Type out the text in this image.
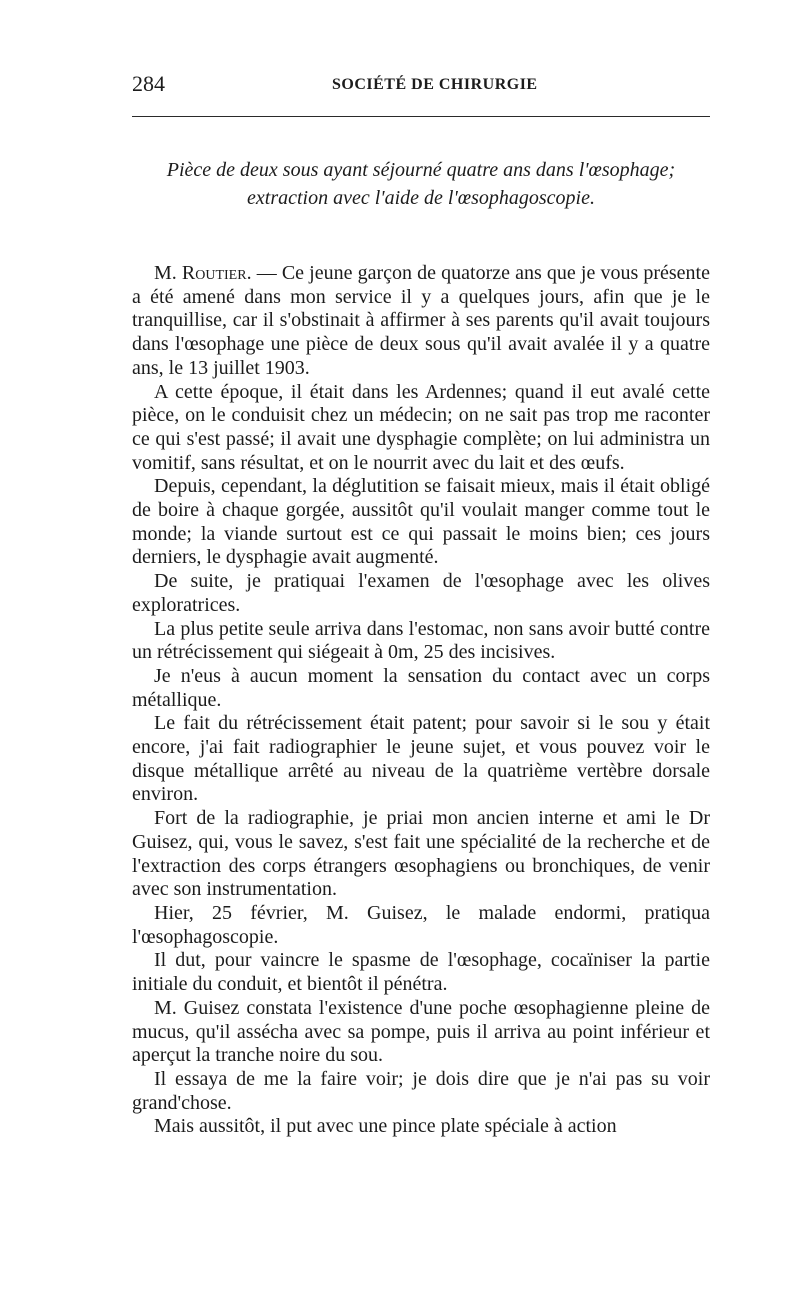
284	SOCIÉTÉ DE CHIRURGIE
Pièce de deux sous ayant séjourné quatre ans dans l'œsophage;
extraction avec l'aide de l'œsophagoscopie.

M. Routier. — Ce jeune garçon de quatorze ans que je vous présente a été amené dans mon service il y a quelques jours, afin que je le tranquillise, car il s'obstinait à affirmer à ses parents qu'il avait toujours dans l'œsophage une pièce de deux sous qu'il avait avalée il y a quatre ans, le 13 juillet 1903.

A cette époque, il était dans les Ardennes; quand il eut avalé cette pièce, on le conduisit chez un médecin; on ne sait pas trop me raconter ce qui s'est passé; il avait une dysphagie complète; on lui administra un vomitif, sans résultat, et on le nourrit avec du lait et des œufs.

Depuis, cependant, la déglutition se faisait mieux, mais il était obligé de boire à chaque gorgée, aussitôt qu'il voulait manger comme tout le monde; la viande surtout est ce qui passait le moins bien; ces jours derniers, le dysphagie avait augmenté.

De suite, je pratiquai l'examen de l'œsophage avec les olives exploratrices.

La plus petite seule arriva dans l'estomac, non sans avoir butté contre un rétrécissement qui siégeait à 0m, 25 des incisives.

Je n'eus à aucun moment la sensation du contact avec un corps métallique.

Le fait du rétrécissement était patent; pour savoir si le sou y était encore, j'ai fait radiographier le jeune sujet, et vous pouvez voir le disque métallique arrêté au niveau de la quatrième vertèbre dorsale environ.

Fort de la radiographie, je priai mon ancien interne et ami le Dr Guisez, qui, vous le savez, s'est fait une spécialité de la recherche et de l'extraction des corps étrangers œsophagiens ou bronchiques, de venir avec son instrumentation.

Hier, 25 février, M. Guisez, le malade endormi, pratiqua l'œsophagoscopie.

Il dut, pour vaincre le spasme de l'œsophage, cocaïniser la partie initiale du conduit, et bientôt il pénétra.

M. Guisez constata l'existence d'une poche œsophagienne pleine de mucus, qu'il assécha avec sa pompe, puis il arriva au point inférieur et aperçut la tranche noire du sou.

Il essaya de me la faire voir; je dois dire que je n'ai pas su voir grand'chose.

Mais aussitôt, il put avec une pince plate spéciale à action
